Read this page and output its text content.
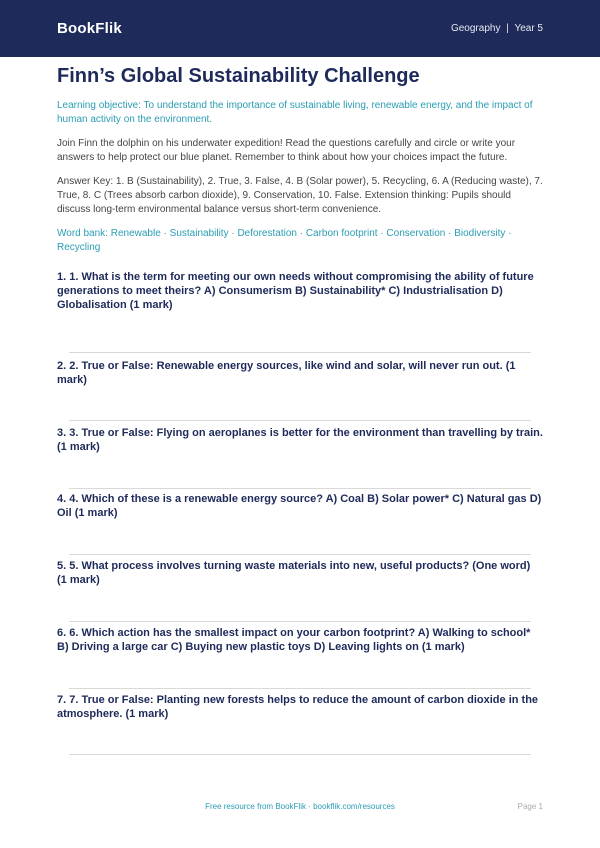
BookFlik	Geography | Year 5
Finn’s Global Sustainability Challenge

Learning objective: To understand the importance of sustainable living, renewable energy, and the impact of human activity on the environment.

Join Finn the dolphin on his underwater expedition! Read the questions carefully and circle or write your answers to help protect our blue planet. Remember to think about how your choices impact the future.

Answer Key: 1. B (Sustainability), 2. True, 3. False, 4. B (Solar power), 5. Recycling, 6. A (Reducing waste), 7. True, 8. C (Trees absorb carbon dioxide), 9. Conservation, 10. False. Extension thinking: Pupils should discuss long-term environmental balance versus short-term convenience.

Word bank: Renewable · Sustainability · Deforestation · Carbon footprint · Conservation · Biodiversity · Recycling

1. 1. What is the term for meeting our own needs without compromising the ability of future generations to meet theirs? A) Consumerism B) Sustainability* C) Industrialisation D) Globalisation (1 mark)

2. 2. True or False: Renewable energy sources, like wind and solar, will never run out. (1 mark)

3. 3. True or False: Flying on aeroplanes is better for the environment than travelling by train. (1 mark)

4. 4. Which of these is a renewable energy source? A) Coal B) Solar power* C) Natural gas D) Oil (1 mark)

5. 5. What process involves turning waste materials into new, useful products? (One word) (1 mark)

6. 6. Which action has the smallest impact on your carbon footprint? A) Walking to school* B) Driving a large car C) Buying new plastic toys D) Leaving lights on (1 mark)

7. 7. True or False: Planting new forests helps to reduce the amount of carbon dioxide in the atmosphere. (1 mark)

Free resource from BookFlik · bookflik.com/resources	Page 1
